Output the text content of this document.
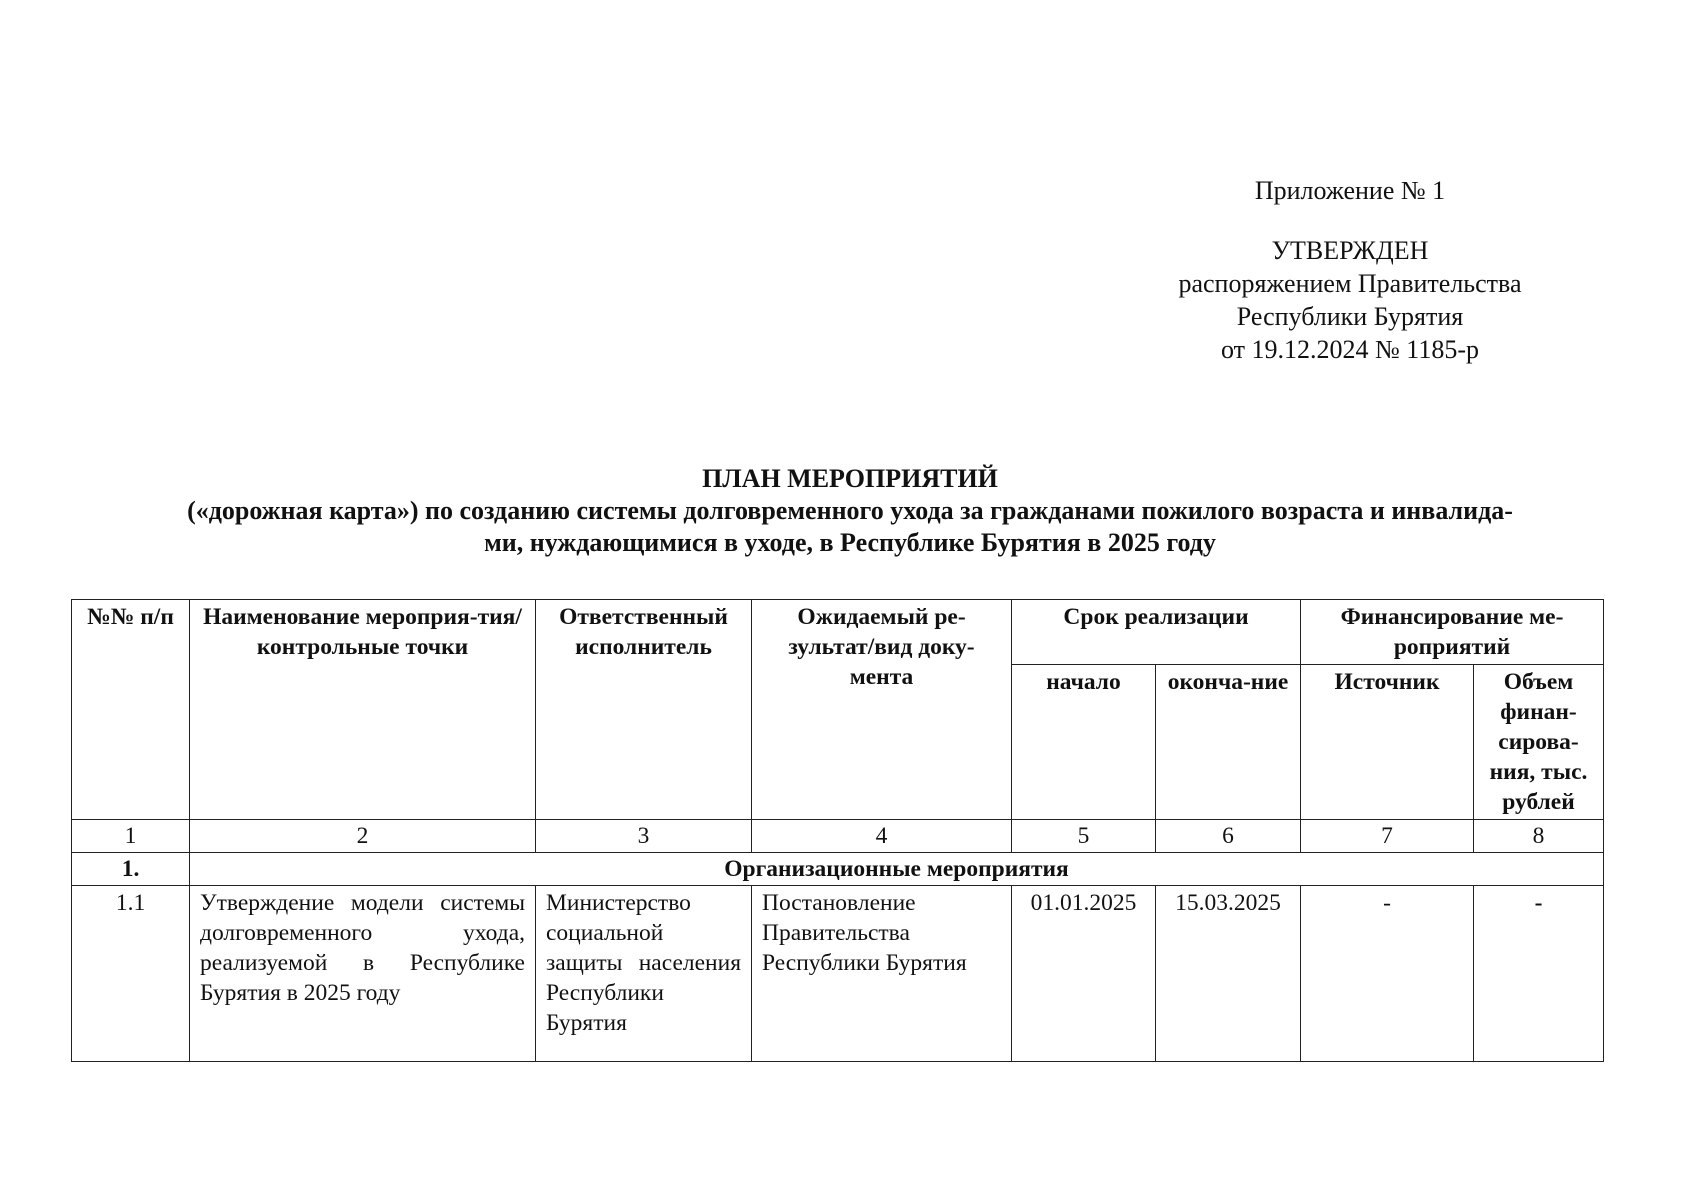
Приложение № 1
УТВЕРЖДЕН
распоряжением Правительства
Республики Бурятия
от 19.12.2024 № 1185-р
ПЛАН МЕРОПРИЯТИЙ
(«дорожная карта») по созданию системы долговременного ухода за гражданами пожилого возраста и инвалида-
ми, нуждающимися в уходе, в Республике Бурятия в 2025 году
№№ п/п	Наименование мероприя-тия/ контрольные точки	Ответственный исполнитель	Ожидаемый ре-зультат/вид доку-мента	Срок реализации		Финансирование ме-роприятий	
				начало	оконча-ние	Источник	Объем финан-сирова-ния, тыс. рублей
1	2	3	4	5	6	7	8
1.	Организационные мероприятия						
1.1	Утверждение модели системы долговременного ухода, реализуемой в Республике Бурятия в 2025 году	Министерство социальной защиты населения Республики Бурятия	Постановление Правительства Республики Бурятия	01.01.2025	15.03.2025	-	-
